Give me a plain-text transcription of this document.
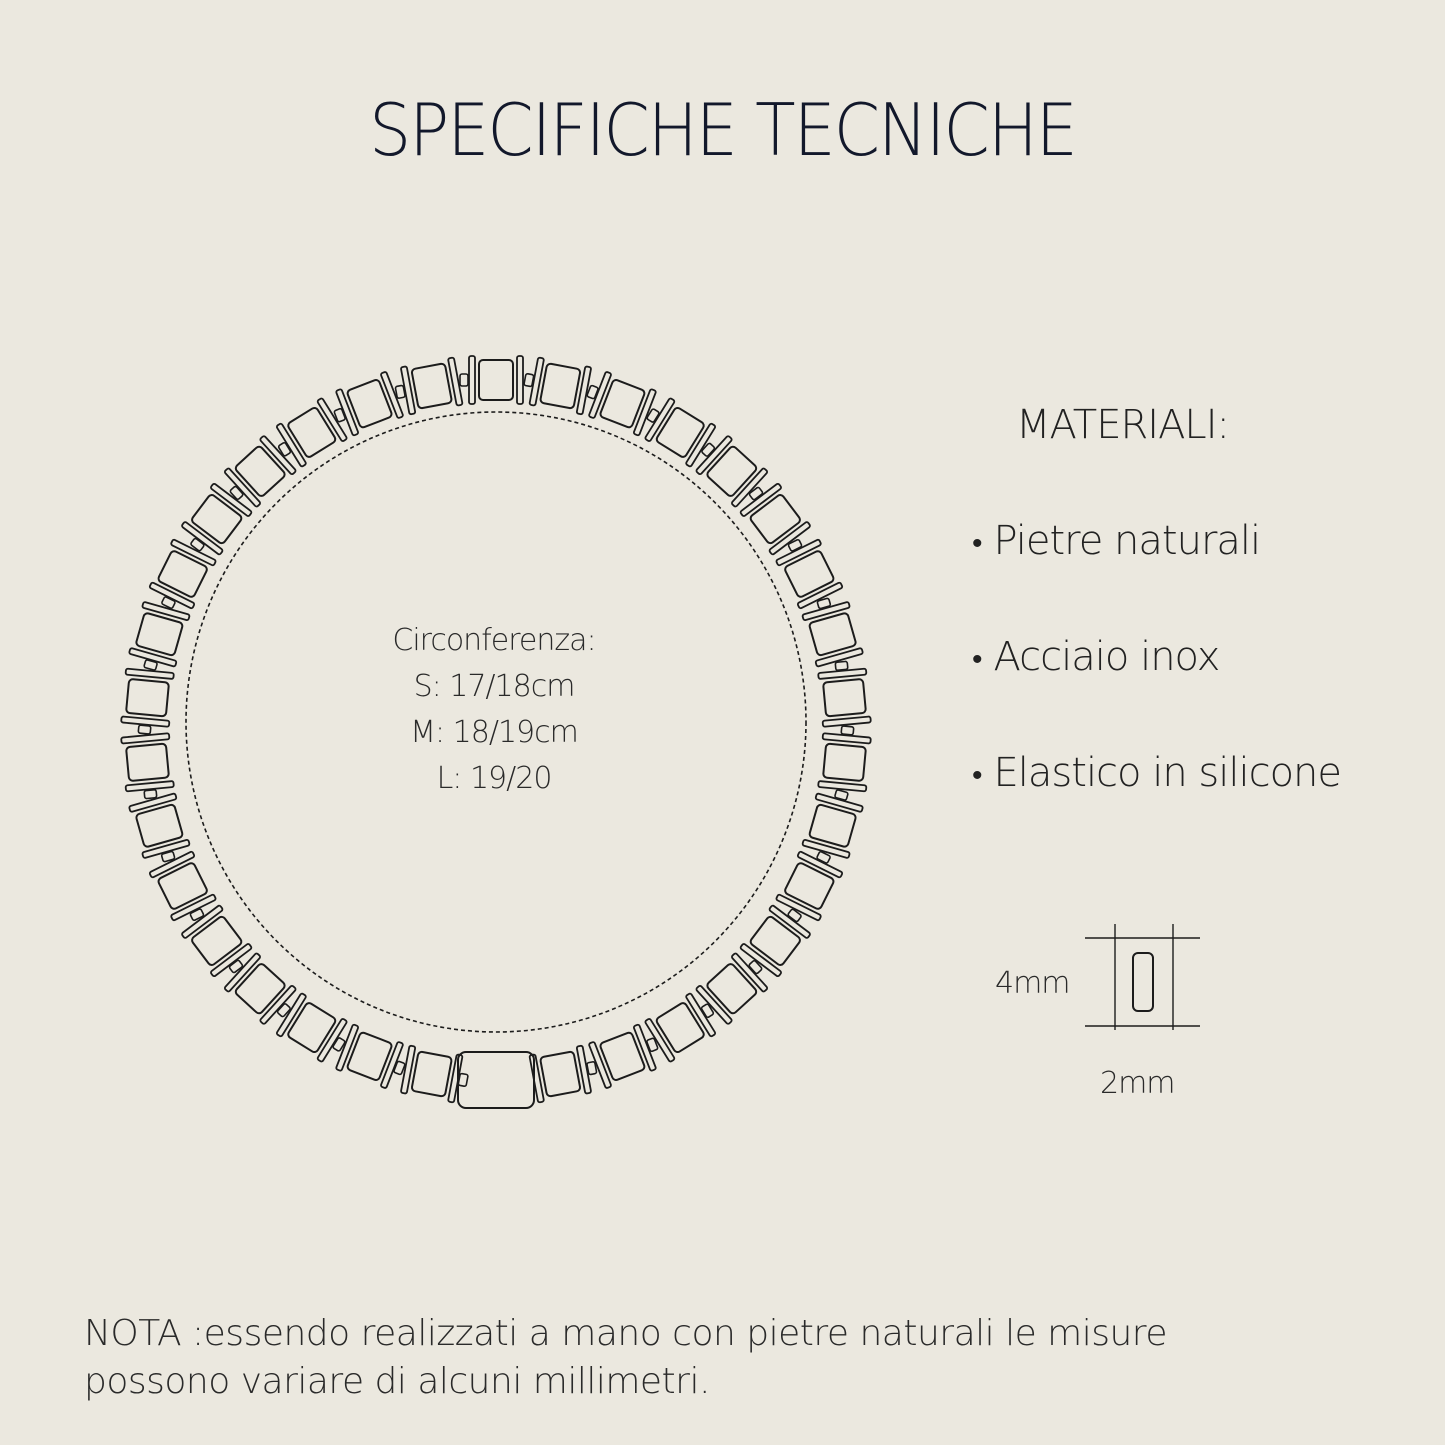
SPECIFICHE TECNICHE
Circonferenza:
S: 17/18cm
M: 18/19cm
L: 19/20
MATERIALI:
• Pietre naturali
• Acciaio inox
• Elastico in silicone
4mm
2mm
NOTA :essendo realizzati a mano con pietre naturali le misure
possono variare di alcuni millimetri.
